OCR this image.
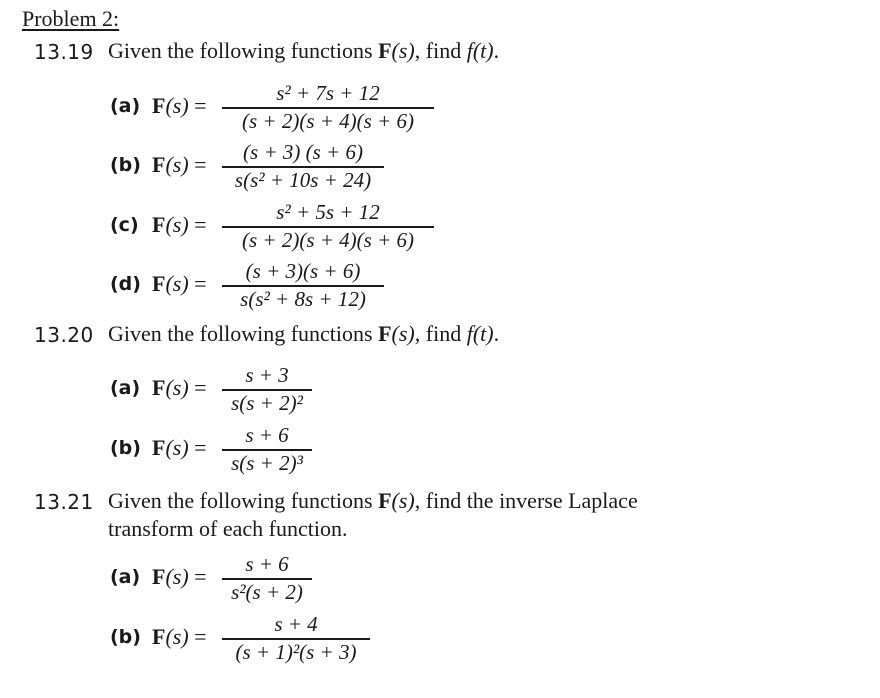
Problem 2:
13.19 Given the following functions F(s), find f(t).
(a) F(s) =	s² + 7s + 12
(s + 2)(s + 4)(s + 6)
(b) F(s) =	(s + 3) (s + 6)
s(s² + 10s + 24)
(c) F(s) =	s² + 5s + 12
(s + 2)(s + 4)(s + 6)
(d) F(s) =	(s + 3)(s + 6)
s(s² + 8s + 12)
13.20 Given the following functions F(s), find f(t).
(a) F(s) =	s + 3
s(s + 2)²
(b) F(s) =	s + 6
s(s + 2)³
13.21 Given the following functions F(s), find the inverse Laplace
transform of each function.
(a) F(s) =	s + 6
s²(s + 2)
(b) F(s) =	s + 4
(s + 1)²(s + 3)
